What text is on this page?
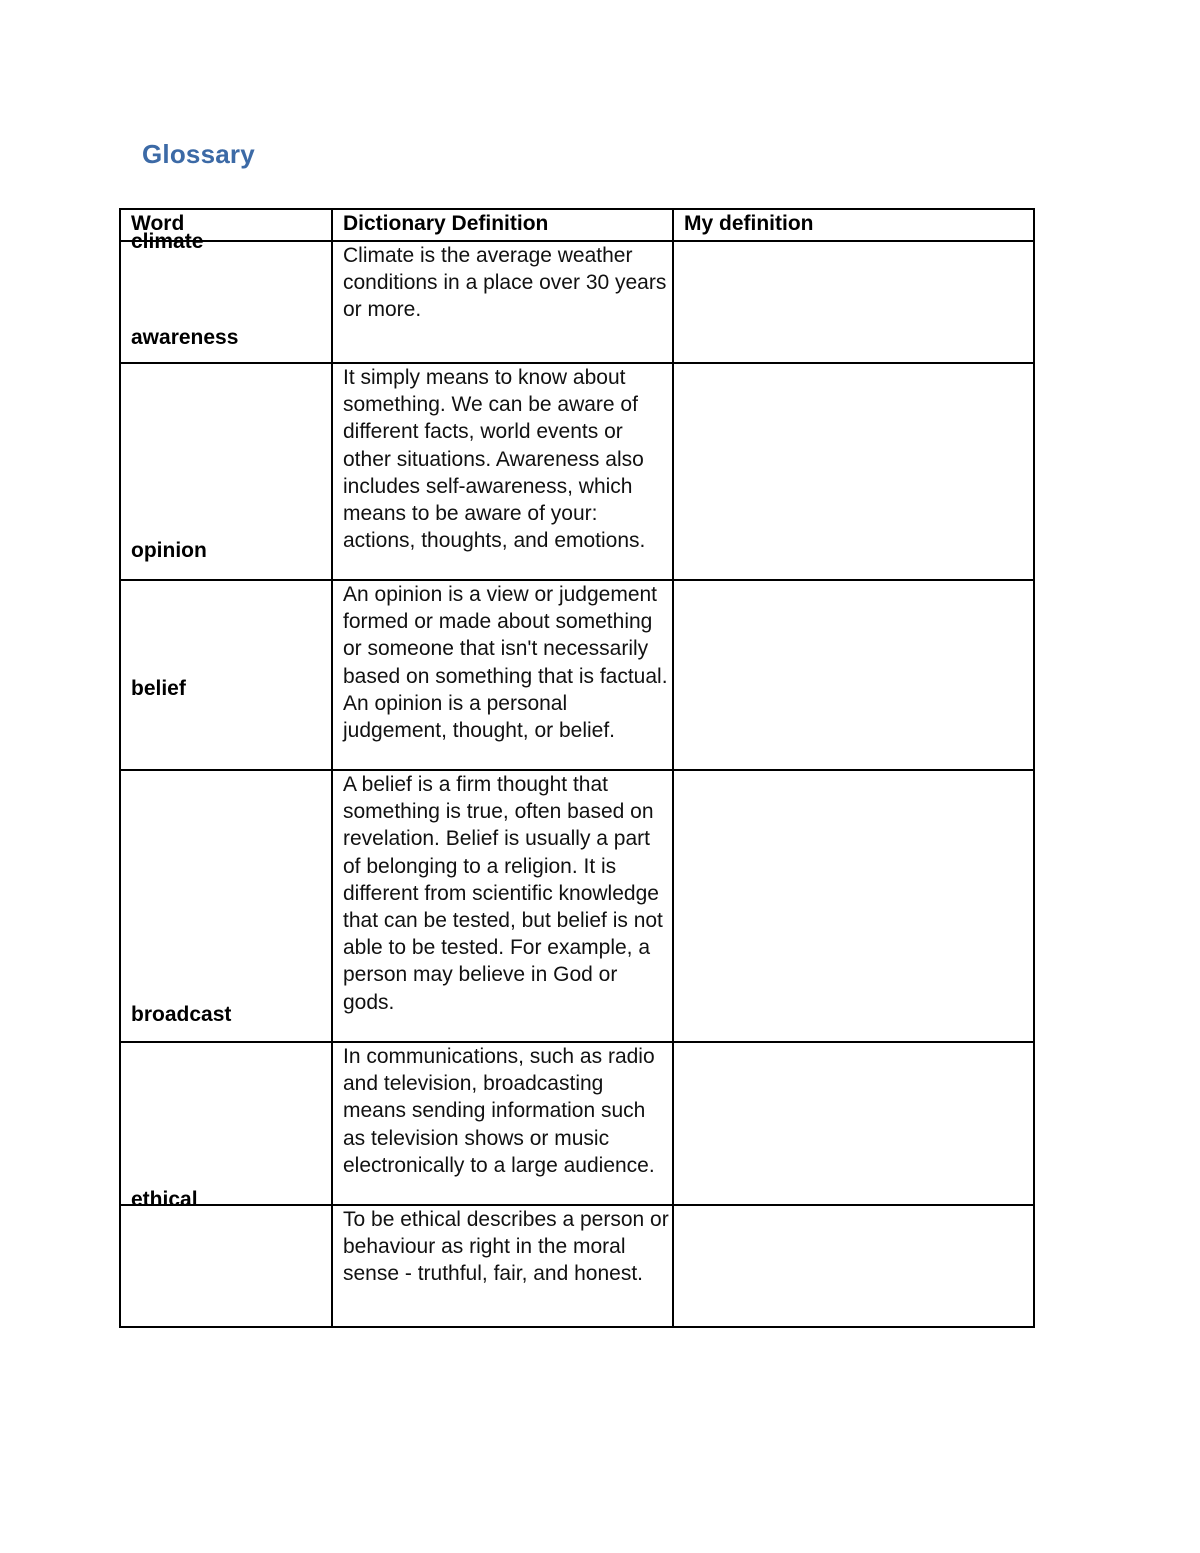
Glossary
Word	Dictionary Definition	My definition

climate	Climate is the average weather conditions in a place over 30 years or more.	

awareness	It simply means to know about something. We can be aware of different facts, world events or other situations. Awareness also includes self-awareness, which means to be aware of your: actions, thoughts, and emotions.	

opinion	An opinion is a view or judgement formed or made about something or someone that isn't necessarily based on something that is factual. An opinion is a personal judgement, thought, or belief.	

belief	A belief is a firm thought that something is true, often based on revelation. Belief is usually a part of belonging to a religion. It is different from scientific knowledge that can be tested, but belief is not able to be tested. For example, a person may believe in God or gods.	

broadcast	In communications, such as radio and television, broadcasting means sending information such as television shows or music electronically to a large audience.	

ethical	To be ethical describes a person or behaviour as right in the moral sense - truthful, fair, and honest.	
